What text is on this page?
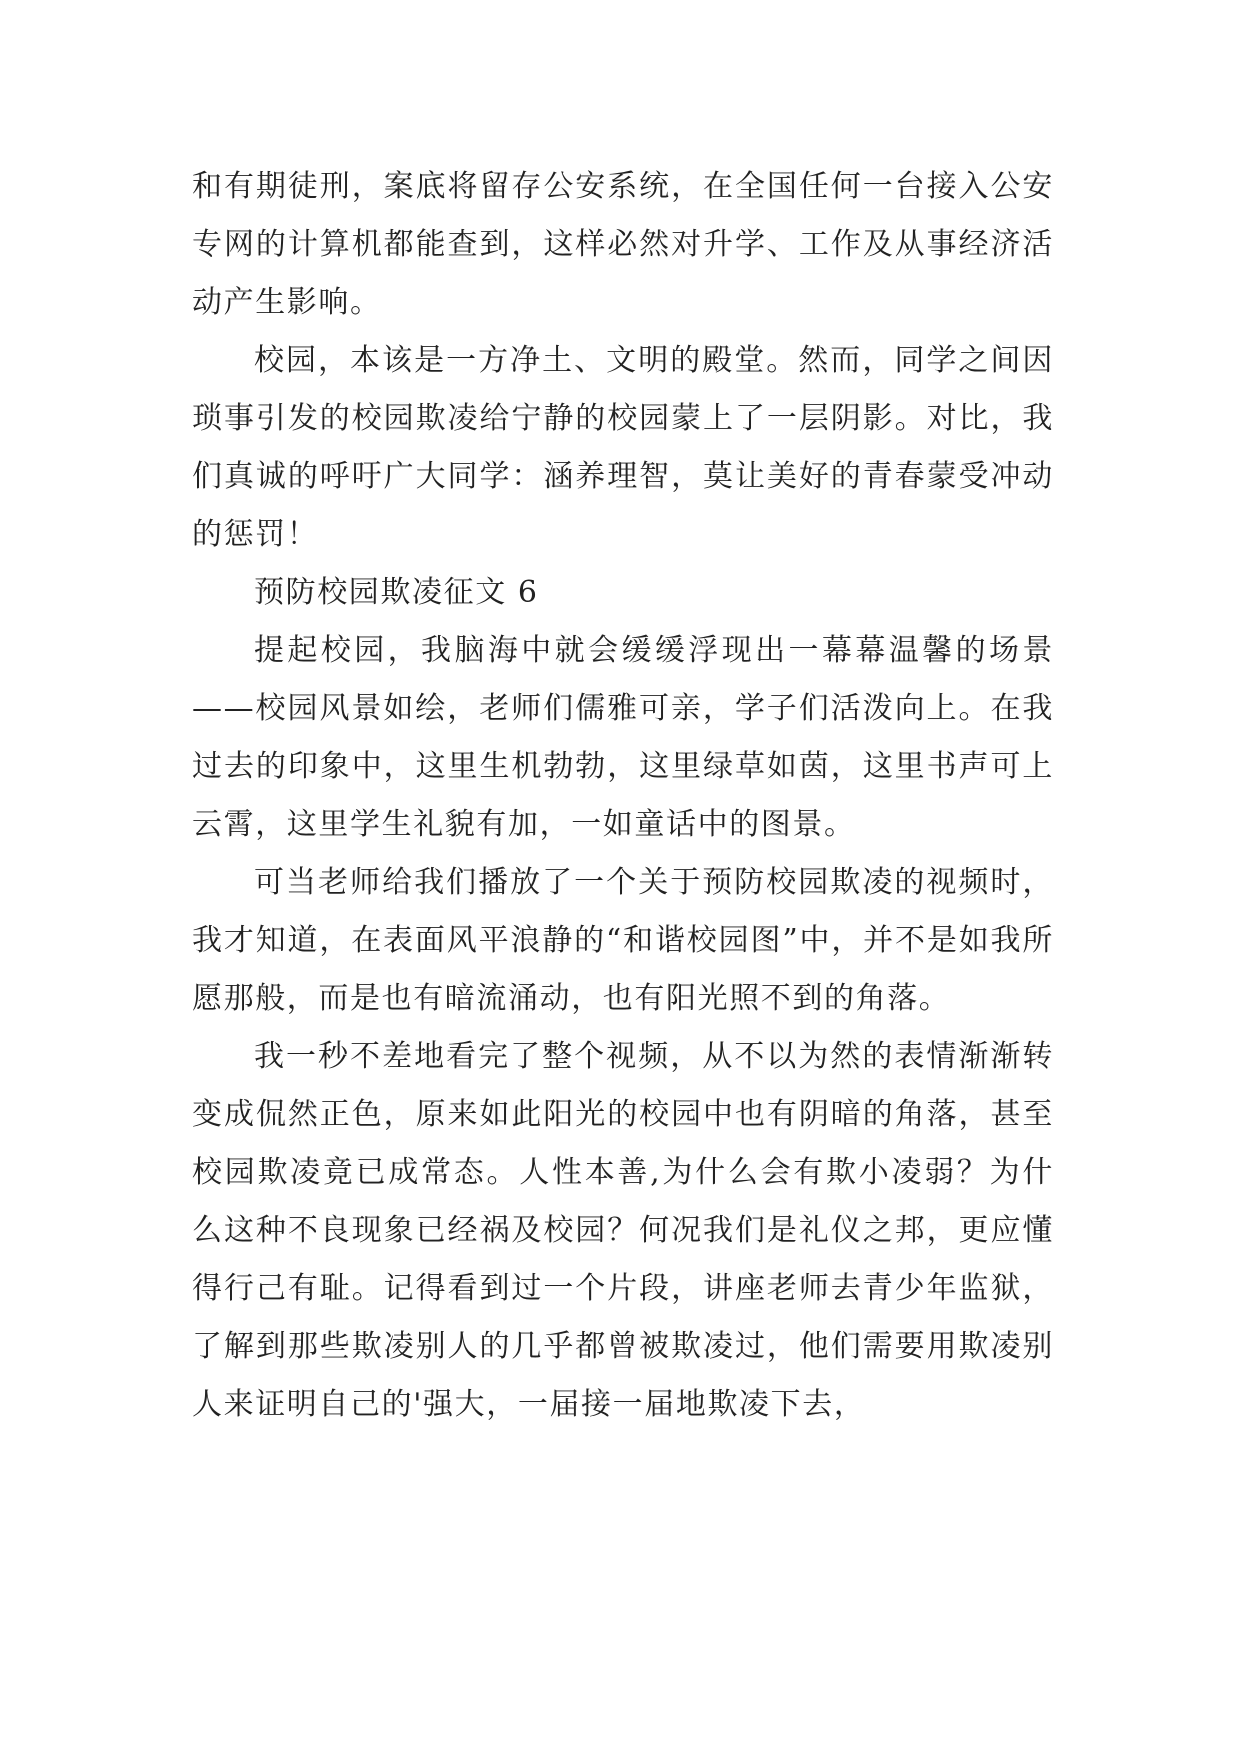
和有期徒刑，案底将留存公安系统，在全国任何一台接入公安专网的计算机都能查到，这样必然对升学、工作及从事经济活动产生影响。

校园，本该是一方净土、文明的殿堂。然而，同学之间因琐事引发的校园欺凌给宁静的校园蒙上了一层阴影。对比，我们真诚的呼吁广大同学：涵养理智，莫让美好的青春蒙受冲动的惩罚！

预防校园欺凌征文 6

提起校园，我脑海中就会缓缓浮现出一幕幕温馨的场景——校园风景如绘，老师们儒雅可亲，学子们活泼向上。在我过去的印象中，这里生机勃勃，这里绿草如茵，这里书声可上云霄，这里学生礼貌有加，一如童话中的图景。

可当老师给我们播放了一个关于预防校园欺凌的视频时，我才知道，在表面风平浪静的“和谐校园图”中，并不是如我所愿那般，而是也有暗流涌动，也有阳光照不到的角落。

我一秒不差地看完了整个视频，从不以为然的表情渐渐转变成侃然正色，原来如此阳光的校园中也有阴暗的角落，甚至校园欺凌竟已成常态。人性本善,为什么会有欺小凌弱？为什么这种不良现象已经祸及校园？何况我们是礼仪之邦，更应懂得行己有耻。记得看到过一个片段，讲座老师去青少年监狱，了解到那些欺凌别人的几乎都曾被欺凌过，他们需要用欺凌别人来证明自己的'强大，一届接一届地欺凌下去，
